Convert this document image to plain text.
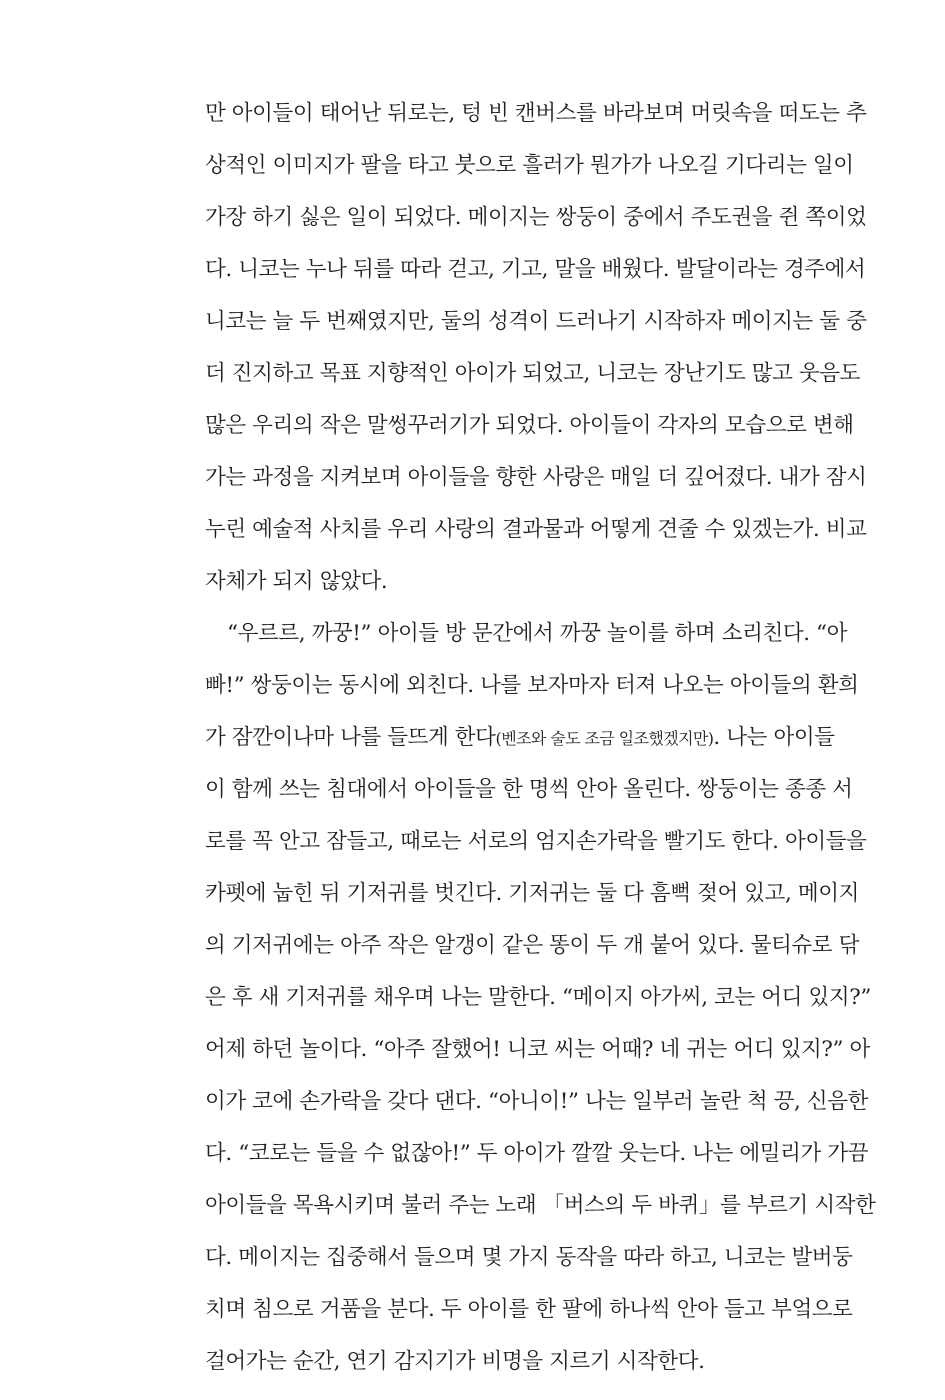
만 아이들이 태어난 뒤로는, 텅 빈 캔버스를 바라보며 머릿속을 떠도는 추
상적인 이미지가 팔을 타고 붓으로 흘러가 뭔가가 나오길 기다리는 일이
가장 하기 싫은 일이 되었다. 메이지는 쌍둥이 중에서 주도권을 쥔 쪽이었
다. 니코는 누나 뒤를 따라 걷고, 기고, 말을 배웠다. 발달이라는 경주에서
니코는 늘 두 번째였지만, 둘의 성격이 드러나기 시작하자 메이지는 둘 중
더 진지하고 목표 지향적인 아이가 되었고, 니코는 장난기도 많고 웃음도
많은 우리의 작은 말썽꾸러기가 되었다. 아이들이 각자의 모습으로 변해
가는 과정을 지켜보며 아이들을 향한 사랑은 매일 더 깊어졌다. 내가 잠시
누린 예술적 사치를 우리 사랑의 결과물과 어떻게 견줄 수 있겠는가. 비교
자체가 되지 않았다.
“우르르, 까꿍!” 아이들 방 문간에서 까꿍 놀이를 하며 소리친다. “아
빠!” 쌍둥이는 동시에 외친다. 나를 보자마자 터져 나오는 아이들의 환희
가 잠깐이나마 나를 들뜨게 한다(벤조와 술도 조금 일조했겠지만). 나는 아이들
이 함께 쓰는 침대에서 아이들을 한 명씩 안아 올린다. 쌍둥이는 종종 서
로를 꼭 안고 잠들고, 때로는 서로의 엄지손가락을 빨기도 한다. 아이들을
카펫에 눕힌 뒤 기저귀를 벗긴다. 기저귀는 둘 다 흠뻑 젖어 있고, 메이지
의 기저귀에는 아주 작은 알갱이 같은 똥이 두 개 붙어 있다. 물티슈로 닦
은 후 새 기저귀를 채우며 나는 말한다. “메이지 아가씨, 코는 어디 있지?”
어제 하던 놀이다. “아주 잘했어! 니코 씨는 어때? 네 귀는 어디 있지?” 아
이가 코에 손가락을 갖다 댄다. “아니이!” 나는 일부러 놀란 척 끙, 신음한
다. “코로는 들을 수 없잖아!” 두 아이가 깔깔 웃는다. 나는 에밀리가 가끔
아이들을 목욕시키며 불러 주는 노래 「버스의 두 바퀴」를 부르기 시작한
다. 메이지는 집중해서 들으며 몇 가지 동작을 따라 하고, 니코는 발버둥
치며 침으로 거품을 분다. 두 아이를 한 팔에 하나씩 안아 들고 부엌으로
걸어가는 순간, 연기 감지기가 비명을 지르기 시작한다.
